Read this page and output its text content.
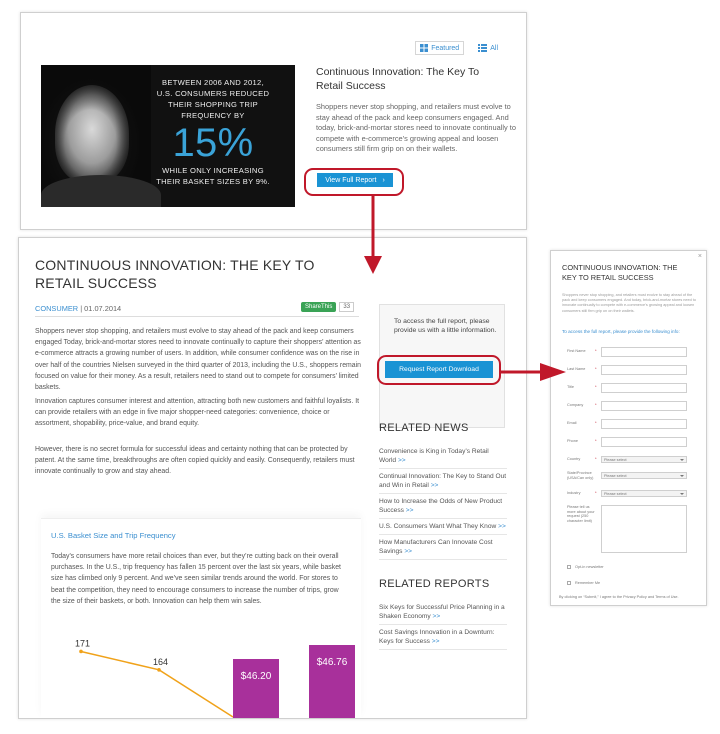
Featured	All
BETWEEN 2006 AND 2012,
U.S. CONSUMERS REDUCED
THEIR SHOPPING TRIP
FREQUENCY BY
15%
WHILE ONLY INCREASING
THEIR BASKET SIZES BY 9%.
Continuous Innovation: The Key To Retail Success

Shoppers never stop shopping, and retailers must evolve to stay ahead of the pack and keep consumers engaged. And today, brick-and-mortar stores need to innovate continually to compete with e-commerce’s growing appeal and loosen consumers still firm grip on on their wallets.

View Full Report ›
CONTINUOUS INNOVATION: THE KEY TO RETAIL SUCCESS
CONSUMER | 01.07.2014	ShareThis	33

Shoppers never stop shopping, and retailers must evolve to stay ahead of the pack and keep consumers engaged Today, brick-and-mortar stores need to innovate continually to capture their shoppers’ attention as e-commerce attracts a growing number of users. In addition, while consumer confidence was on the rise in over half of the countries Nielsen surveyed in the third quarter of 2013, including the U.S., shoppers remain focused on value for their money. As a result, retailers need to stand out to compete for consumers’ limited baskets.

Innovation captures consumer interest and attention, attracting both new customers and faithful loyalists. It can provide retailers with an edge in five major shopper-need categories: convenience, choice or assortment, shopability, price-value, and brand equity.

However, there is no secret formula for successful ideas and certainty nothing that can be protected by patent. At the same time, breakthroughs are often copied quickly and easily. Consequently, retailers must innovate continually to grow and stay ahead.

U.S. Basket Size and Trip Frequency

Today’s consumers have more retail choices than ever, but they’re cutting back on their overall purchases. In the U.S., trip frequency has fallen 15 percent over the last six years, while basket size has climbed only 9 percent. And we’ve seen similar trends around the world. For stores to beat the competition, they need to encourage consumers to increase the number of trips, grow the size of their baskets, or both. Innovation can help them win sales.

171
164
$46.20
$46.76

To access the full report, please provide us with a little information.

Request Report Download
RELATED NEWS
Convenience is King in Today’s Retail World >>
Continual Innovation: The Key to Stand Out and Win in Retail >>
How to Increase the Odds of New Product Success >>
U.S. Consumers Want What They Know >>
How Manufacturers Can Innovate Cost Savings >>
RELATED REPORTS
Six Keys for Successful Price Planning in a Shaken Economy >>
Cost Savings Innovation in a Downturn: Keys for Success >>
×
CONTINUOUS INNOVATION: THE KEY TO RETAIL SUCCESS

Shoppers never stop shopping, and retailers must evolve to stay ahead of the pack and keep consumers engaged. And today, brick-and-mortar stores need to innovate continually to compete with e-commerce’s growing appeal and loosen consumers still firm grip on on their wallets.

To access the full report, please provide the following info:
First Name *
Last Name *
Title	*
Company	*
Email	*
Phone	*
Country	*	Please select
State/Province (USA/Can only)	Please select
Industry	*	Please select
Please tell us more about your request (250 character limit)
Opt-in newsletter
Remember Me
By clicking on “Submit,” I agree to the Privacy Policy and Terms of Use.
